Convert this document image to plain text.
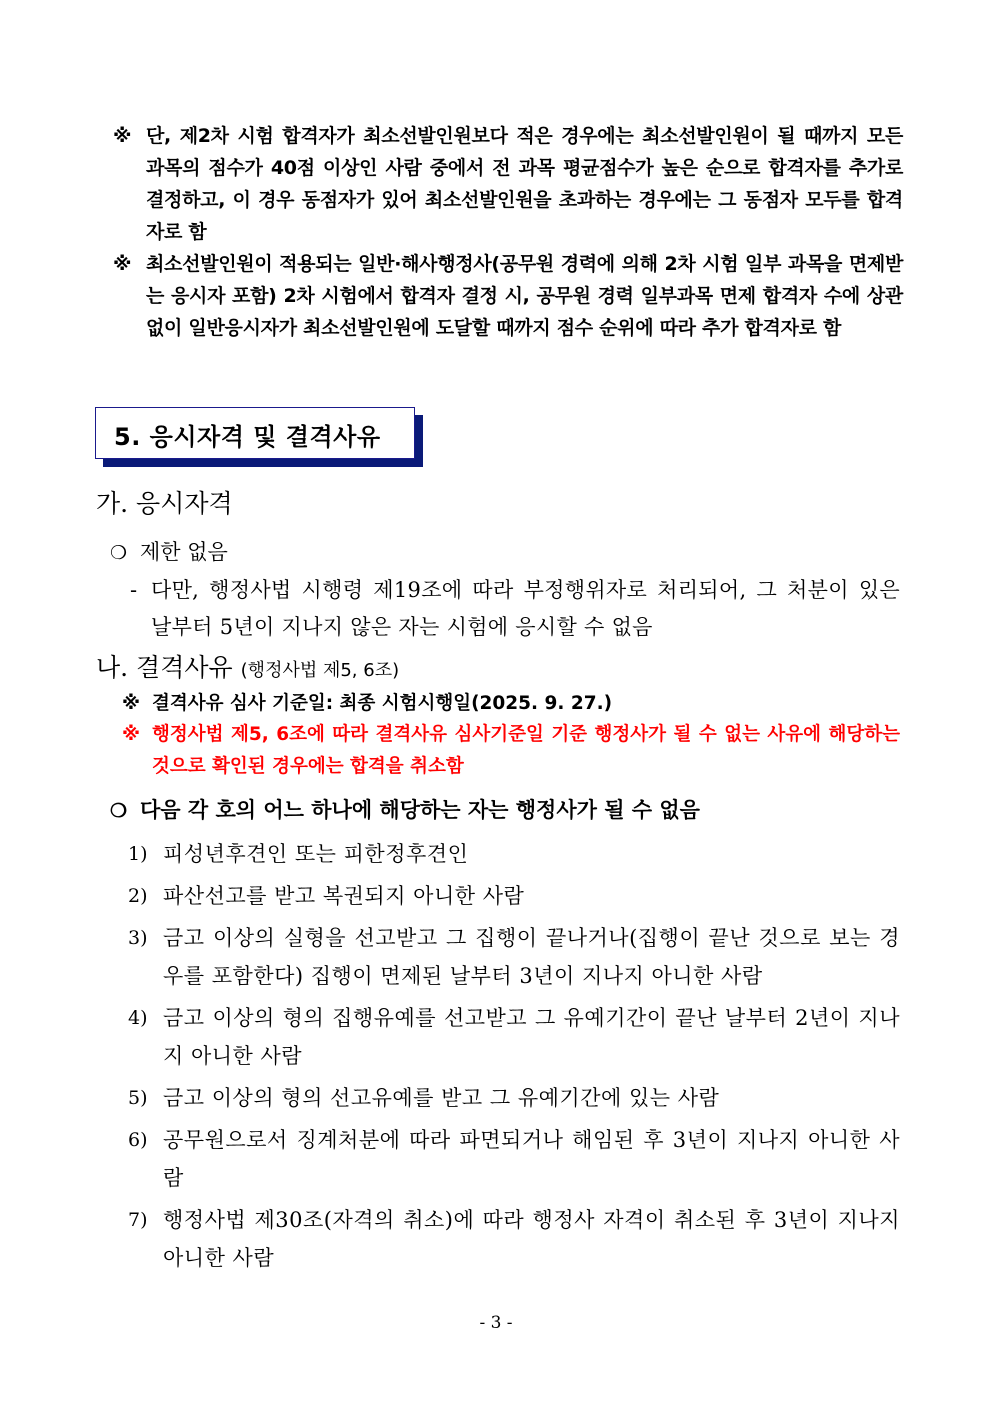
※ 단, 제2차 시험 합격자가 최소선발인원보다 적은 경우에는 최소선발인원이 될 때까지 모든 과목의 점수가 40점 이상인 사람 중에서 전 과목 평균점수가 높은 순으로 합격자를 추가로 결정하고, 이 경우 동점자가 있어 최소선발인원을 초과하는 경우에는 그 동점자 모두를 합격자로 함
※ 최소선발인원이 적용되는 일반·해사행정사(공무원 경력에 의해 2차 시험 일부 과목을 면제받는 응시자 포함) 2차 시험에서 합격자 결정 시, 공무원 경력 일부과목 면제 합격자 수에 상관없이 일반응시자가 최소선발인원에 도달할 때까지 점수 순위에 따라 추가 합격자로 함
5. 응시자격 및 결격사유
가. 응시자격
❍ 제한 없음
- 다만, 행정사법 시행령 제19조에 따라 부정행위자로 처리되어, 그 처분이 있은 날부터 5년이 지나지 않은 자는 시험에 응시할 수 없음
나. 결격사유 (행정사법 제5, 6조)
※ 결격사유 심사 기준일: 최종 시험시행일(2025. 9. 27.)
※ 행정사법 제5, 6조에 따라 결격사유 심사기준일 기준 행정사가 될 수 없는 사유에 해당하는 것으로 확인된 경우에는 합격을 취소함
❍ 다음 각 호의 어느 하나에 해당하는 자는 행정사가 될 수 없음
1) 피성년후견인 또는 피한정후견인
2) 파산선고를 받고 복권되지 아니한 사람
3) 금고 이상의 실형을 선고받고 그 집행이 끝나거나(집행이 끝난 것으로 보는 경우를 포함한다) 집행이 면제된 날부터 3년이 지나지 아니한 사람
4) 금고 이상의 형의 집행유예를 선고받고 그 유예기간이 끝난 날부터 2년이 지나지 아니한 사람
5) 금고 이상의 형의 선고유예를 받고 그 유예기간에 있는 사람
6) 공무원으로서 징계처분에 따라 파면되거나 해임된 후 3년이 지나지 아니한 사람
7) 행정사법 제30조(자격의 취소)에 따라 행정사 자격이 취소된 후 3년이 지나지 아니한 사람
- 3 -
